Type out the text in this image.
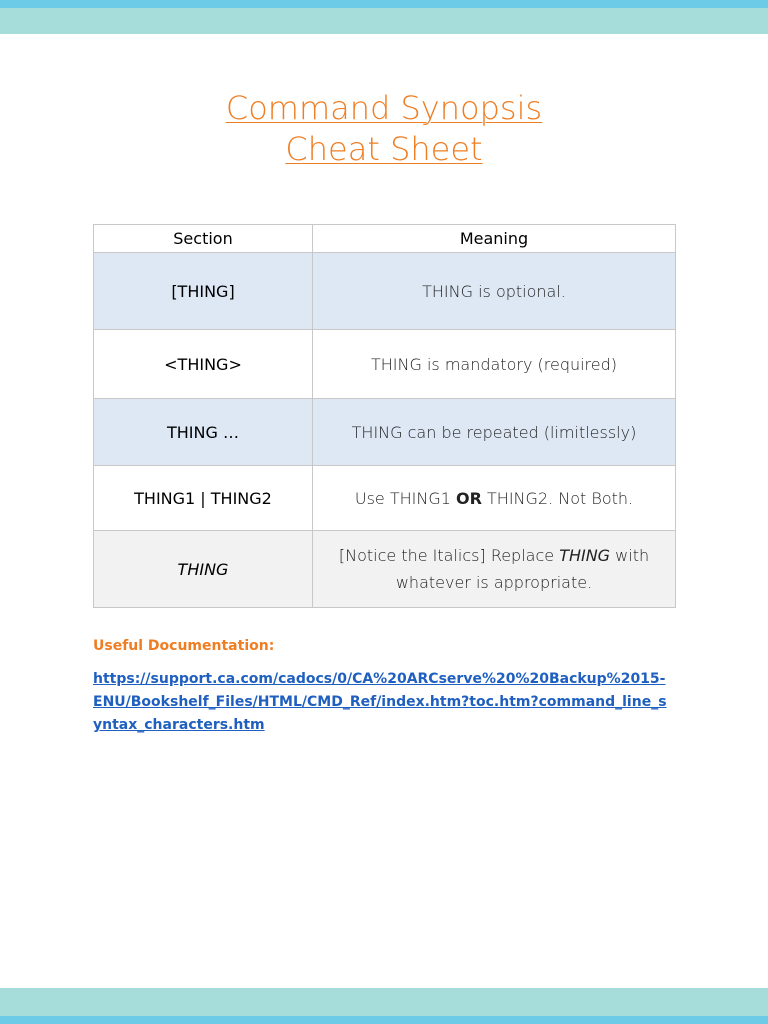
Command Synopsis
Cheat Sheet
Section	Meaning
[THING]	THING is optional.
<THING>	THING is mandatory (required)
THING …	THING can be repeated (limitlessly)
THING1 | THING2	Use THING1 OR THING2. Not Both.
THING	[Notice the Italics] Replace THING with whatever is appropriate.
Useful Documentation:
https://support.ca.com/cadocs/0/CA%20ARCserve%20%20Backup%2015-ENU/Bookshelf_Files/HTML/CMD_Ref/index.htm?toc.htm?command_line_syntax_characters.htm
